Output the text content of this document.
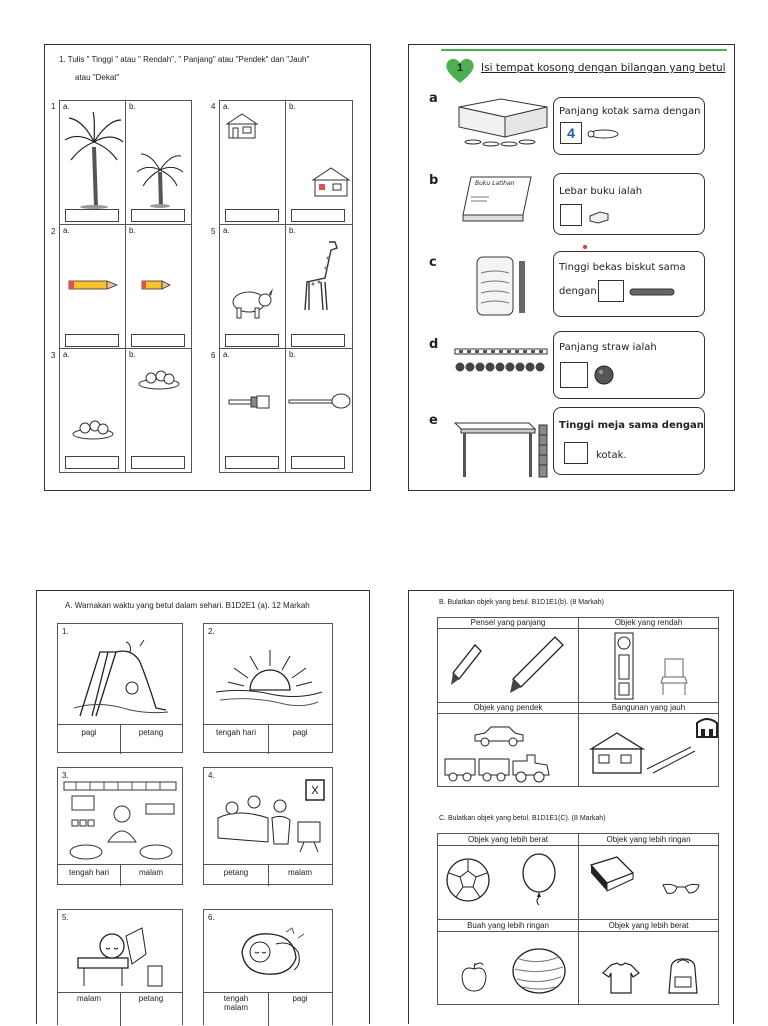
1. Tulis " Tinggi " atau " Rendah", " Panjang" atau "Pendek" dan "Jauh"
atau "Dekat"
1 a.	b.
2 a.	b.
3 a.	b.
4 a.	b.
5 a.	b.
6 a.	b.
1 Isi tempat kosong dengan bilangan yang betul
a
Panjang kotak sama dengan
4
b	Buku Latihan
Lebar buku ialah
c	Tinggi bekas biskut sama
dengan
d	Panjang straw ialah
e	Tinggi meja sama dengan
kotak.
A. Warnakan waktu yang betul dalam sehari. B1D2E1 (a). 12 Markah
1.
pagi	petang
2.
tengah hari	pagi
3.
tengah hari	malam
4.
petang	malam
5.
malam	petang
6.
tengah malam
pagi
B. Bulatkan objek yang betul. B1D1E1(b). (8 Markah)
Pensel yang panjang	Objek yang rendah
Objek yang pendek	Bangunan yang jauh
C. Bulatkan objek yang betul. B1D1E1(C). (8 Markah)
Objek yang lebih berat	Objek yang lebih ringan
Buah yang lebih ringan	Objek yang lebih berat
